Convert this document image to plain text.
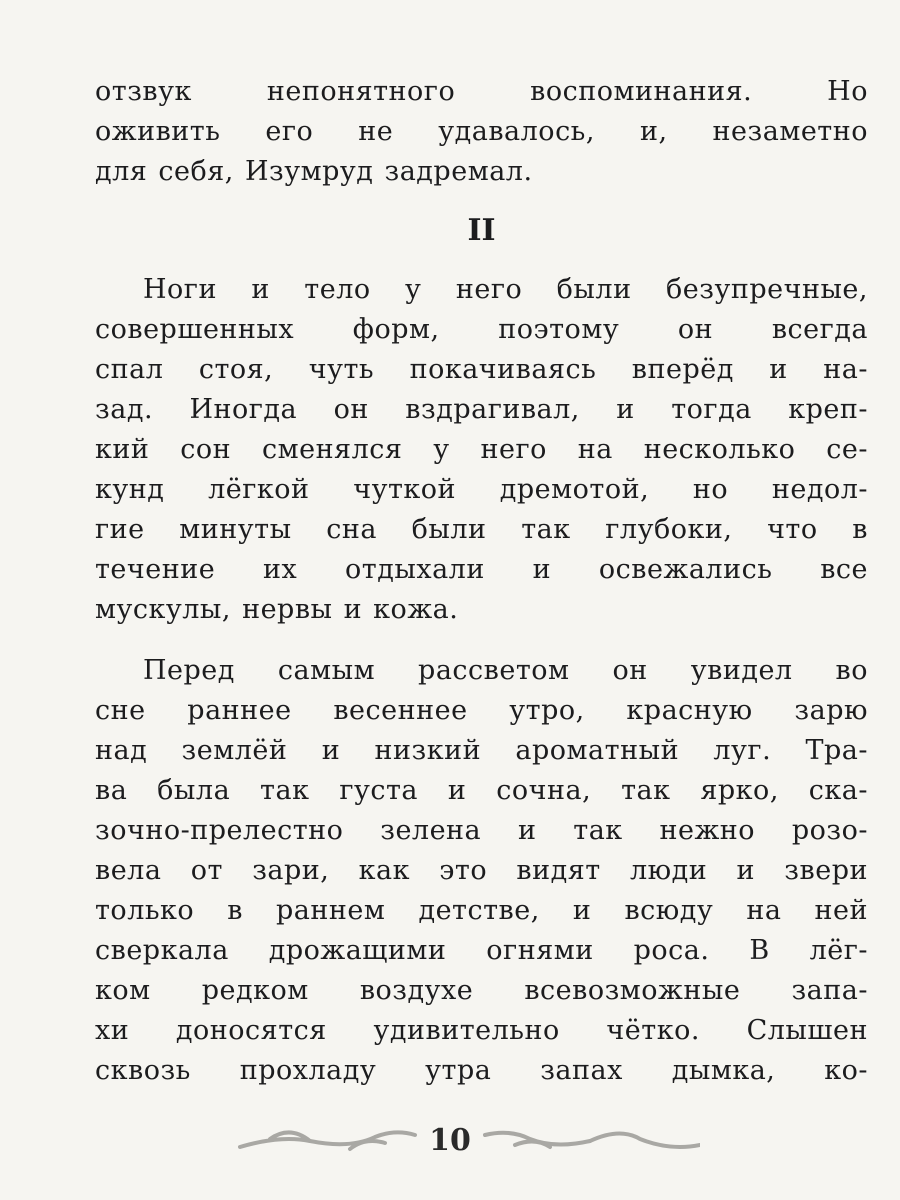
отзвук непонятного воспоминания. Но
оживить его не удавалось, и, незаметно
для себя, Изумруд задремал.
II
Ноги и тело у него были безупречные,
совершенных форм, поэтому он всегда
спал стоя, чуть покачиваясь вперёд и на-
зад. Иногда он вздрагивал, и тогда креп-
кий сон сменялся у него на несколько се-
кунд лёгкой чуткой дремотой, но недол-
гие минуты сна были так глубоки, что в
течение их отдыхали и освежались все
мускулы, нервы и кожа.
Перед самым рассветом он увидел во
сне раннее весеннее утро, красную зарю
над землёй и низкий ароматный луг. Тра-
ва была так густа и сочна, так ярко, ска-
зочно-прелестно зелена и так нежно розо-
вела от зари, как это видят люди и звери
только в раннем детстве, и всюду на ней
сверкала дрожащими огнями роса. В лёг-
ком редком воздухе всевозможные запа-
хи доносятся удивительно чётко. Слышен
сквозь прохладу утра запах дымка, ко-
10
